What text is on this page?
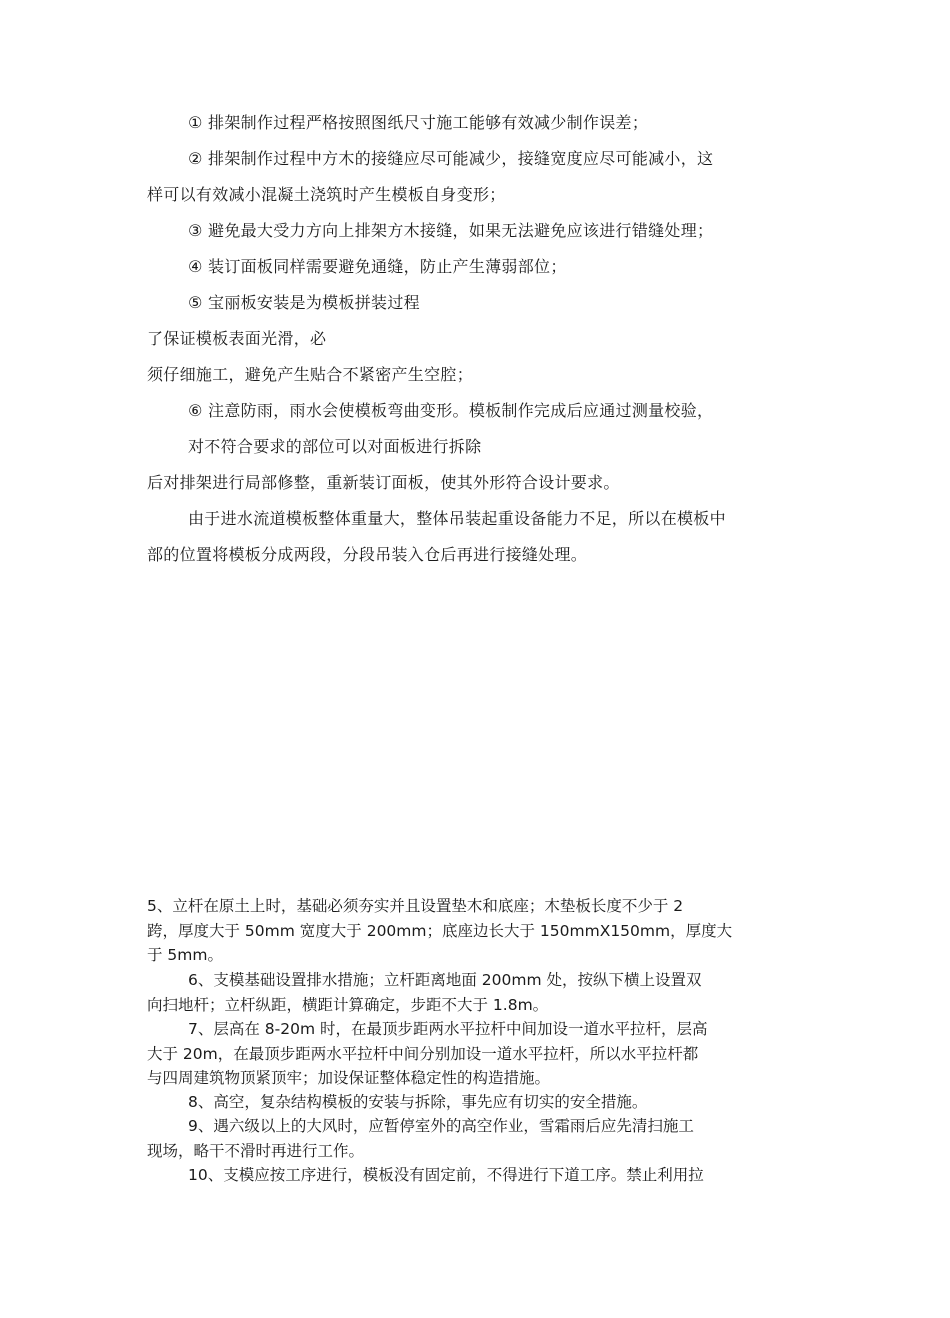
① 排架制作过程严格按照图纸尺寸施工能够有效减少制作误差；
② 排架制作过程中方木的接缝应尽可能减少，接缝宽度应尽可能减小，这
样可以有效减小混凝土浇筑时产生模板自身变形；
③ 避免最大受力方向上排架方木接缝，如果无法避免应该进行错缝处理；
④ 装订面板同样需要避免通缝，防止产生薄弱部位；
⑤ 宝丽板安装是为模板拼装过程
了保证模板表面光滑，必
须仔细施工，避免产生贴合不紧密产生空腔；
⑥ 注意防雨，雨水会使模板弯曲变形。模板制作完成后应通过测量校验，
对不符合要求的部位可以对面板进行拆除
后对排架进行局部修整，重新装订面板，使其外形符合设计要求。
由于进水流道模板整体重量大，整体吊装起重设备能力不足，所以在模板中
部的位置将模板分成两段，分段吊装入仓后再进行接缝处理。
5、立杆在原土上时，基础必须夯实并且设置垫木和底座；木垫板长度不少于 2
跨，厚度大于 50mm 宽度大于 200mm；底座边长大于 150mmX150mm，厚度大
于 5mm。
6、支模基础设置排水措施；立杆距离地面 200mm 处，按纵下横上设置双
向扫地杆；立杆纵距，横距计算确定，步距不大于 1.8m。
7、层高在 8-20m 时，在最顶步距两水平拉杆中间加设一道水平拉杆，层高
大于 20m，在最顶步距两水平拉杆中间分别加设一道水平拉杆，所以水平拉杆都
与四周建筑物顶紧顶牢；加设保证整体稳定性的构造措施。
8、高空，复杂结构模板的安装与拆除，事先应有切实的安全措施。
9、遇六级以上的大风时，应暂停室外的高空作业，雪霜雨后应先清扫施工
现场，略干不滑时再进行工作。
10、支模应按工序进行，模板没有固定前，不得进行下道工序。禁止利用拉
